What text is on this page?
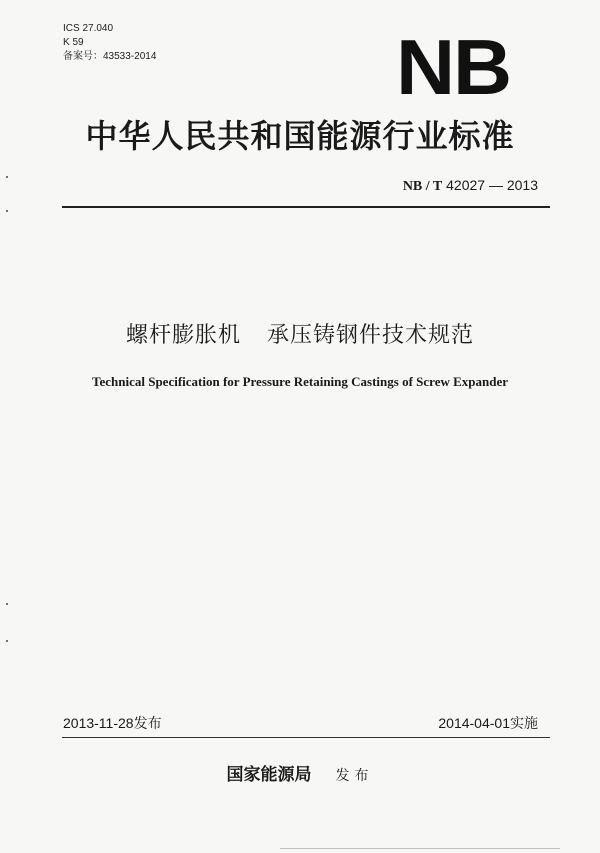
ICS 27.040
K 59
备案号：43533-2014	NB
中华人民共和国能源行业标准
NB / T 42027 — 2013
螺杆膨胀机 承压铸钢件技术规范
Technical Specification for Pressure Retaining Castings of Screw Expander
2013-11-28发布	2014-04-01实施
国家能源局 发布
